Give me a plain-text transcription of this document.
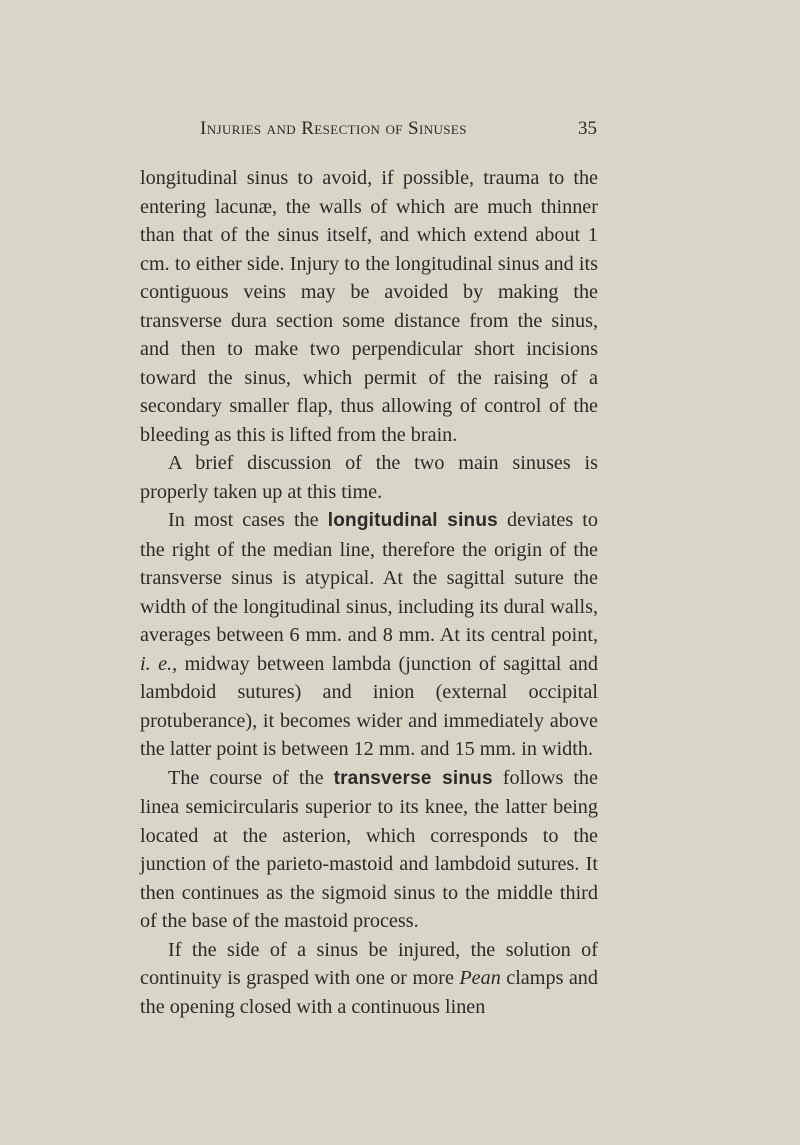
Injuries and Resection of Sinuses	35

longitudinal sinus to avoid, if possible, trauma to the entering lacunæ, the walls of which are much thinner than that of the sinus itself, and which extend about 1 cm. to either side. Injury to the longitudinal sinus and its contiguous veins may be avoided by making the transverse dura section some distance from the sinus, and then to make two perpendicular short incisions toward the sinus, which permit of the raising of a secondary smaller flap, thus allowing of control of the bleeding as this is lifted from the brain.

A brief discussion of the two main sinuses is properly taken up at this time.

In most cases the longitudinal sinus deviates to the right of the median line, therefore the origin of the transverse sinus is atypical. At the sagittal suture the width of the longitudinal sinus, including its dural walls, averages between 6 mm. and 8 mm. At its central point, i. e., midway between lambda (junction of sagittal and lambdoid sutures) and inion (external occipital protuberance), it becomes wider and immediately above the latter point is between 12 mm. and 15 mm. in width.

The course of the transverse sinus follows the linea semicircularis superior to its knee, the latter being located at the asterion, which corresponds to the junction of the parieto-mastoid and lambdoid sutures. It then continues as the sigmoid sinus to the middle third of the base of the mastoid process.

If the side of a sinus be injured, the solution of continuity is grasped with one or more Pean clamps and the opening closed with a continuous linen
